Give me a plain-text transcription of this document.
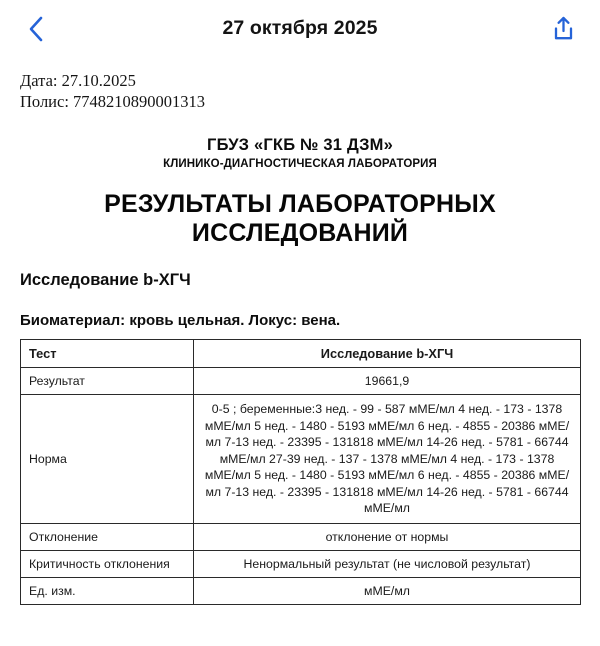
27 октября 2025
Дата: 27.10.2025
Полис: 7748210890001313
ГБУЗ «ГКБ № 31 ДЗМ»
КЛИНИКО-ДИАГНОСТИЧЕСКАЯ ЛАБОРАТОРИЯ
РЕЗУЛЬТАТЫ ЛАБОРАТОРНЫХ ИССЛЕДОВАНИЙ
Исследование b-ХГЧ
Биоматериал: кровь цельная. Локус: вена.
Тест	Исследование b-ХГЧ
Результат	19661,9
Норма	0-5 ; беременные:3 нед. - 99 - 587 мМЕ/мл 4 нед. - 173 - 1378 мМЕ/мл 5 нед. - 1480 - 5193 мМЕ/мл 6 нед. - 4855 - 20386 мМЕ/мл 7-13 нед. - 23395 - 131818 мМЕ/мл 14-26 нед. - 5781 - 66744 мМЕ/мл 27-39 нед. - 137 - 1378 мМЕ/мл 4 нед. - 173 - 1378 мМЕ/мл 5 нед. - 1480 - 5193 мМЕ/мл 6 нед. - 4855 - 20386 мМЕ/мл 7-13 нед. - 23395 - 131818 мМЕ/мл 14-26 нед. - 5781 - 66744 мМЕ/мл
Отклонение	отклонение от нормы
Критичность отклонения	Ненормальный результат (не числовой результат)
Ед. изм.	мМЕ/мл
